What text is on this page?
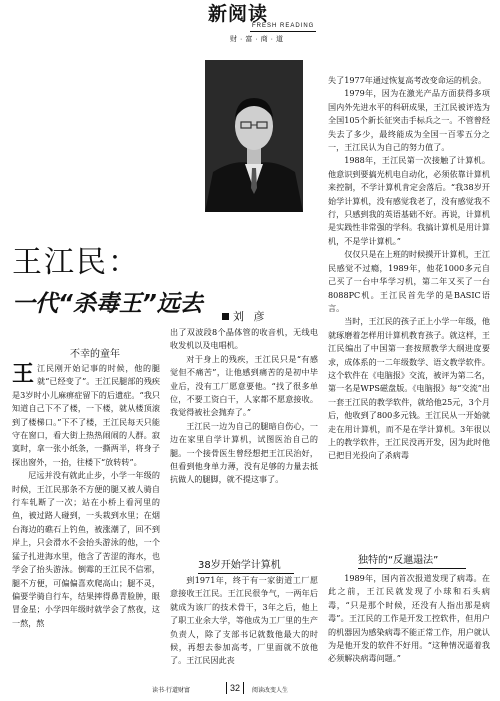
新阅读
FRESH READING
财·富·商·道
王江民：
一代“杀毒王”远去	刘 彦
不幸的童年
王 江民刚开始记事的时候，他的腿就“已经变了”。王江民腿部的残疾是3岁时小儿麻痹症留下的后遗症。“我只知道自己下不了楼，一下楼，就从楼顶滚到了楼梯口。”下不了楼，王江民每天只能守在窗口，看大街上热热闹闹的人群。寂寞时，拿一张小纸条，一撕两半，将身子探出窗外，一抬，往楼下“放转转”。

尼远并没有就此止步，小学一年级的时候，王江民那条不方便的腿又被人骑自行车轧断了一次；站在小桥上看河里的鱼，被过路人碰到，一头栽到水里；在烟台海边的礁石上钓鱼，被涨潮了，回不到岸上，只会滑水不会抬头游泳的他，一个猛子扎进海水里，他含了苦涩的海水，也学会了抬头游泳。倒霉的王江民不信邪，腿不方便，可偏偏喜欢爬高山；腿不灵，偏要学骑自行车，结果摔得鼻青脸肿，眼冒金星；小学四年级时就学会了熬夜，这一熬，熬

出了双波段8个晶体管的收音机，无线电收发机以及电唱机。

对于身上的残疾，王江民只是“有感觉但不痛苦”，让他感到痛苦的是初中毕业后，没有工厂愿意要他。“找了很多单位，不要工资白干，人家都不愿意接收。我觉得被社会抛弃了。”

王江民一边为自己的腿暗自伤心，一边在家里自学计算机，试图医治自己的腿。一个接骨医生曾经想把王江民治好，但看到他身单力薄，没有足够的力量去抵抗做人的腿脚，就不提这事了。

38岁开始学计算机

到1971年，终于有一家街道工厂愿意接收王江民。王江民很争气，一两年后就成为该厂的技术骨干，3年之后，他上了职工业余大学，等他成为工厂里的生产负责人，除了支部书记就数他最大的时候，再想去参加高考，厂里面就不放他了。王江民因此丧

失了1977年通过恢复高考改变命运的机会。

1979年，因为在激光产品方面获得多项国内外先进水平的科研成果，王江民被评选为全国105个新长征突击手标兵之一。不管曾经失去了多少，最终能成为全国一百零五分之一，王江民认为自己的努力值了。

1988年，王江民第一次接触了计算机。他意识到要搞光机电自动化，必须依靠计算机来控制，不学计算机肯定会落后。“我38岁开始学计算机，没有感觉我老了，没有感觉我不行，只感到我的英语基础不好。再说，计算机是实践性非常强的学科。我搞计算机是用计算机，不是学计算机。”

仅仅只是在上班的时候摸开计算机，王江民感觉不过瘾，1989年，他花1000多元自己买了一台中华学习机，第二年又买了一台8088PC机。王江民首先学的是BASIC语言。

当时，王江民的孩子正上小学一年级，他就琢磨着怎样用计算机教育孩子。就这样，王江民编出了中国第一套按照教学大纲进度要求，成体系的一二年级数学、语文教学软件。这个软件在《电脑报》交流，被评为第二名，第一名是WPS磁盘版。《电脑报》每“交流”出一套王江民的教学软件，就给他25元，3个月后，他收到了800多元钱。王江民从一开始就走在用计算机，而不是在学计算机。3年很以上的教学软件，王江民没再开发，因为此时他已把目光投向了杀病毒

独特的“反邋遢法”

1989年，国内首次报道发现了病毒。在此之前，王江民就发现了小球和石头病毒，“只是那个时候，还没有人指出那是病毒”。王江民的工作是开发工控软件，但用户的机器因为感染病毒不能正常工作，用户就认为是他开发的软件不好用。“这种情况逼着我必须解决病毒问题。”

读书·行道财富	32	阅读改变人生
